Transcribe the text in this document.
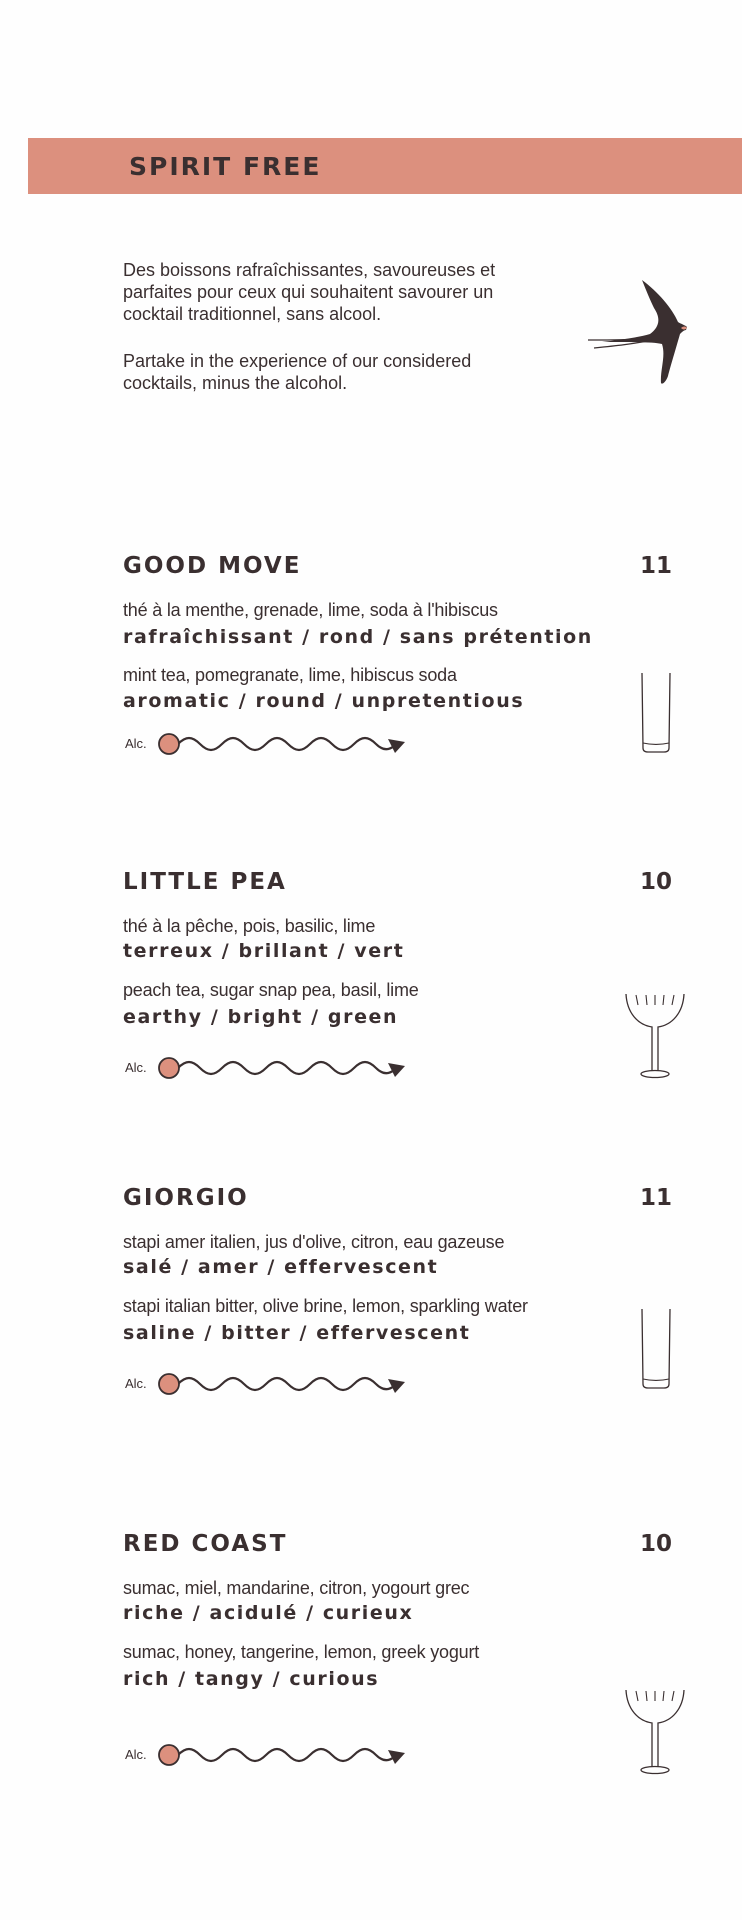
SPIRIT FREE

Des boissons rafraîchissantes, savoureuses et parfaites pour ceux qui souhaitent savourer un cocktail traditionnel, sans alcool.

Partake in the experience of our considered cocktails, minus the alcohol.

GOOD MOVE	11
thé à la menthe, grenade, lime, soda à l'hibiscus
rafraîchissant / rond / sans prétention
mint tea, pomegranate, lime, hibiscus soda
aromatic / round / unpretentious
Alc.
LITTLE PEA	10
thé à la pêche, pois, basilic, lime
terreux / brillant / vert
peach tea, sugar snap pea, basil, lime
earthy / bright / green
Alc.
GIORGIO	11
stapi amer italien, jus d'olive, citron, eau gazeuse
salé / amer / effervescent
stapi italian bitter, olive brine, lemon, sparkling water
saline / bitter / effervescent
Alc.
RED COAST	10
sumac, miel, mandarine, citron, yogourt grec
riche / acidulé / curieux
sumac, honey, tangerine, lemon, greek yogurt
rich / tangy / curious
Alc.
